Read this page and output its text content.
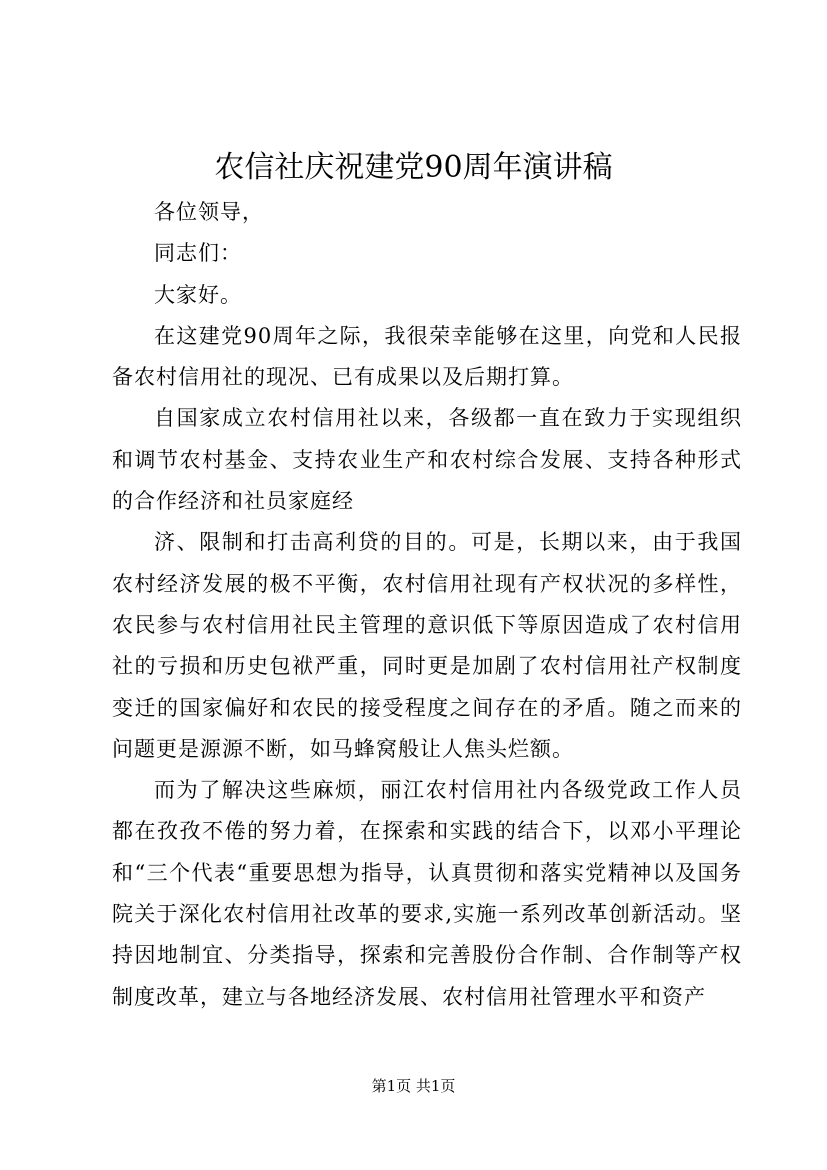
农信社庆祝建党90周年演讲稿

各位领导，

同志们：

大家好。

在这建党90周年之际，我很荣幸能够在这里，向党和人民报备农村信用社的现况、已有成果以及后期打算。

自国家成立农村信用社以来，各级都一直在致力于实现组织和调节农村基金、支持农业生产和农村综合发展、支持各种形式的合作经济和社员家庭经

济、限制和打击高利贷的目的。可是，长期以来，由于我国农村经济发展的极不平衡，农村信用社现有产权状况的多样性，农民参与农村信用社民主管理的意识低下等原因造成了农村信用社的亏损和历史包袱严重，同时更是加剧了农村信用社产权制度变迁的国家偏好和农民的接受程度之间存在的矛盾。随之而来的问题更是源源不断，如马蜂窝般让人焦头烂额。

而为了解决这些麻烦，丽江农村信用社内各级党政工作人员都在孜孜不倦的努力着，在探索和实践的结合下，以邓小平理论和“三个代表“重要思想为指导，认真贯彻和落实党精神以及国务院关于深化农村信用社改革的要求,实施一系列改革创新活动。坚持因地制宜、分类指导，探索和完善股份合作制、合作制等产权制度改革，建立与各地经济发展、农村信用社管理水平和资产

第1页 共1页
